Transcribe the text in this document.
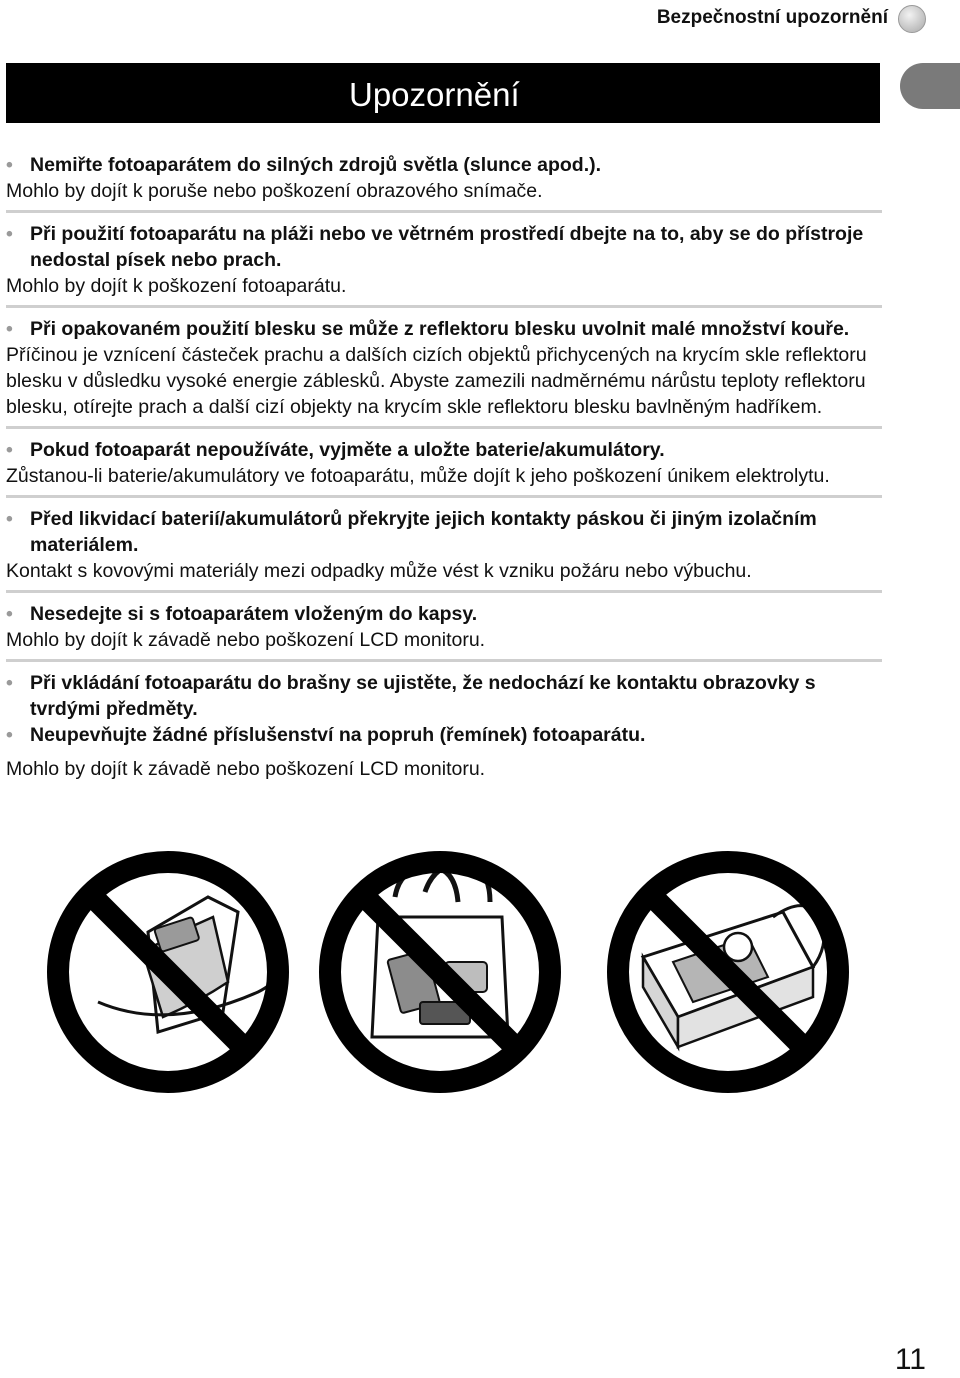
Bezpečnostní upozornění
Upozornění
• Nemiřte fotoaparátem do silných zdrojů světla (slunce apod.).
Mohlo by dojít k poruše nebo poškození obrazového snímače.
• Při použití fotoaparátu na pláži nebo ve větrném prostředí dbejte na to, aby se do přístroje nedostal písek nebo prach.
Mohlo by dojít k poškození fotoaparátu.
• Při opakovaném použití blesku se může z reflektoru blesku uvolnit malé množství kouře.
Příčinou je vznícení částeček prachu a dalších cizích objektů přichycených na krycím skle reflektoru blesku v důsledku vysoké energie záblesků. Abyste zamezili nadměrnému nárůstu teploty reflektoru blesku, otírejte prach a další cizí objekty na krycím skle reflektoru blesku bavlněným hadříkem.
• Pokud fotoaparát nepoužíváte, vyjměte a uložte baterie/akumulátory.
Zůstanou-li baterie/akumulátory ve fotoaparátu, může dojít k jeho poškození únikem elektrolytu.
• Před likvidací baterií/akumulátorů překryjte jejich kontakty páskou či jiným izolačním materiálem.
Kontakt s kovovými materiály mezi odpadky může vést k vzniku požáru nebo výbuchu.
• Nesedejte si s fotoaparátem vloženým do kapsy.
Mohlo by dojít k závadě nebo poškození LCD monitoru.
• Při vkládání fotoaparátu do brašny se ujistěte, že nedochází ke kontaktu obrazovky s tvrdými předměty.
• Neupevňujte žádné příslušenství na popruh (řemínek) fotoaparátu.
Mohlo by dojít k závadě nebo poškození LCD monitoru.
11
